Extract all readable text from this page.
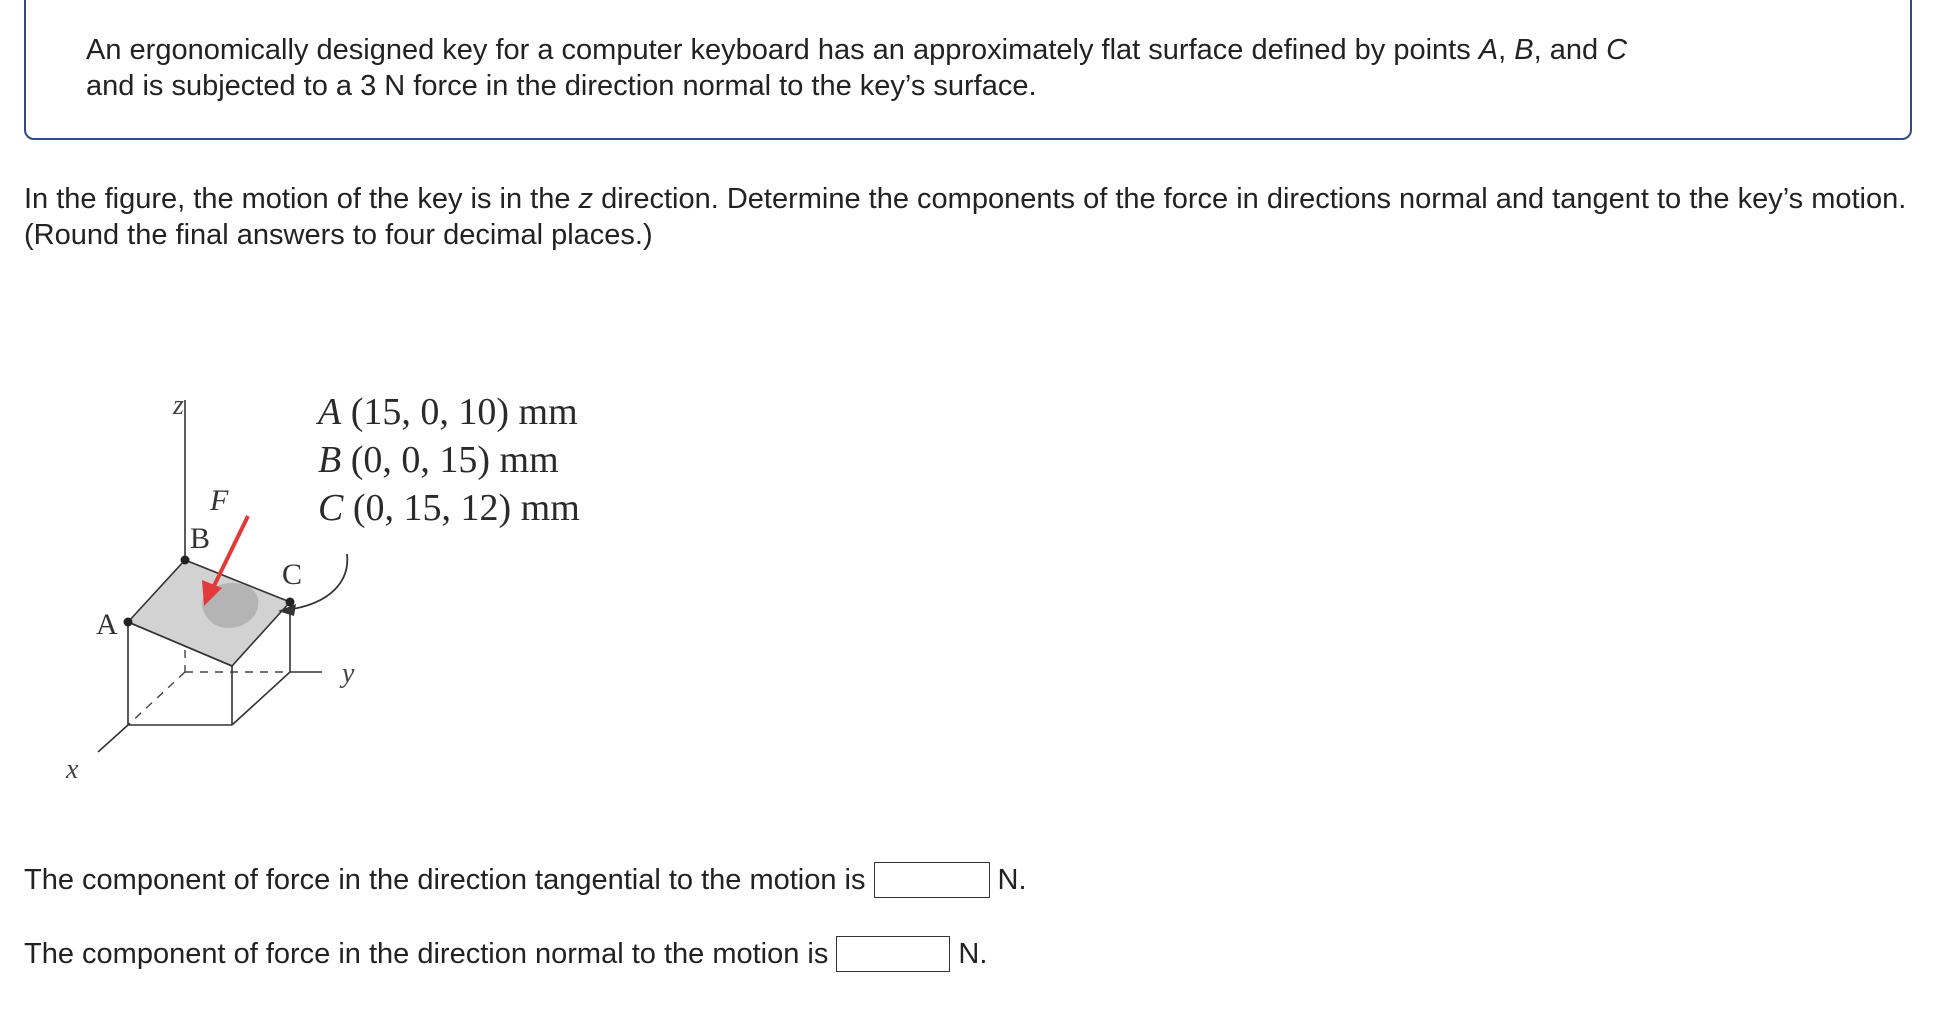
An ergonomically designed key for a computer keyboard has an approximately flat surface defined by points A, B, and C
and is subjected to a 3 N force in the direction normal to the key’s surface.
In the figure, the motion of the key is in the z direction. Determine the components of the force in directions normal and tangent to the key’s motion. (Round the final answers to four decimal places.)
z
y
x
A
B
C
F
A (15, 0, 10) mm
B (0, 0, 15) mm
C (0, 15, 12) mm
The component of force in the direction tangential to the motion is	N.
The component of force in the direction normal to the motion is	N.
